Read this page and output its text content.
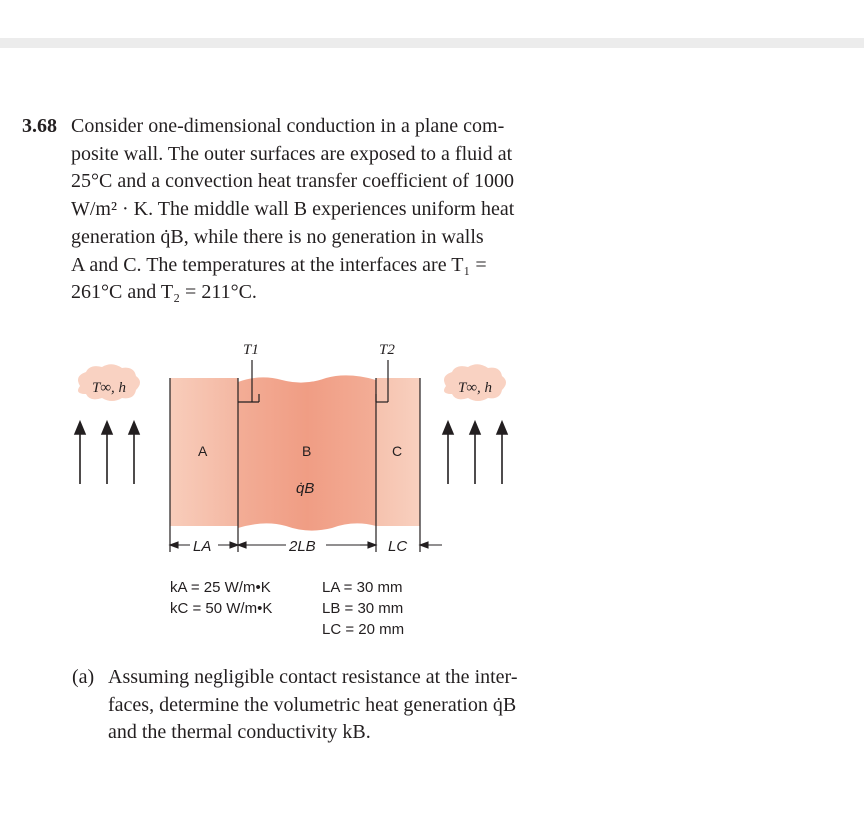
3.68 Consider one-dimensional conduction in a plane com-
posite wall. The outer surfaces are exposed to a fluid at
25°C and a convection heat transfer coefficient of 1000
W/m² · K. The middle wall B experiences uniform heat
generation q̇B, while there is no generation in walls
A and C. The temperatures at the interfaces are T₁ =
261°C and T₂ = 211°C.
T∞, h	T∞, h
T1	T2
A	B
q̇B
C
LA	2LB	LC
kA = 25 W/m•K
kC = 50 W/m•K
LA = 30 mm
LB = 30 mm
LC = 20 mm
(a) Assuming negligible contact resistance at the inter-
faces, determine the volumetric heat generation q̇B
and the thermal conductivity kB.
